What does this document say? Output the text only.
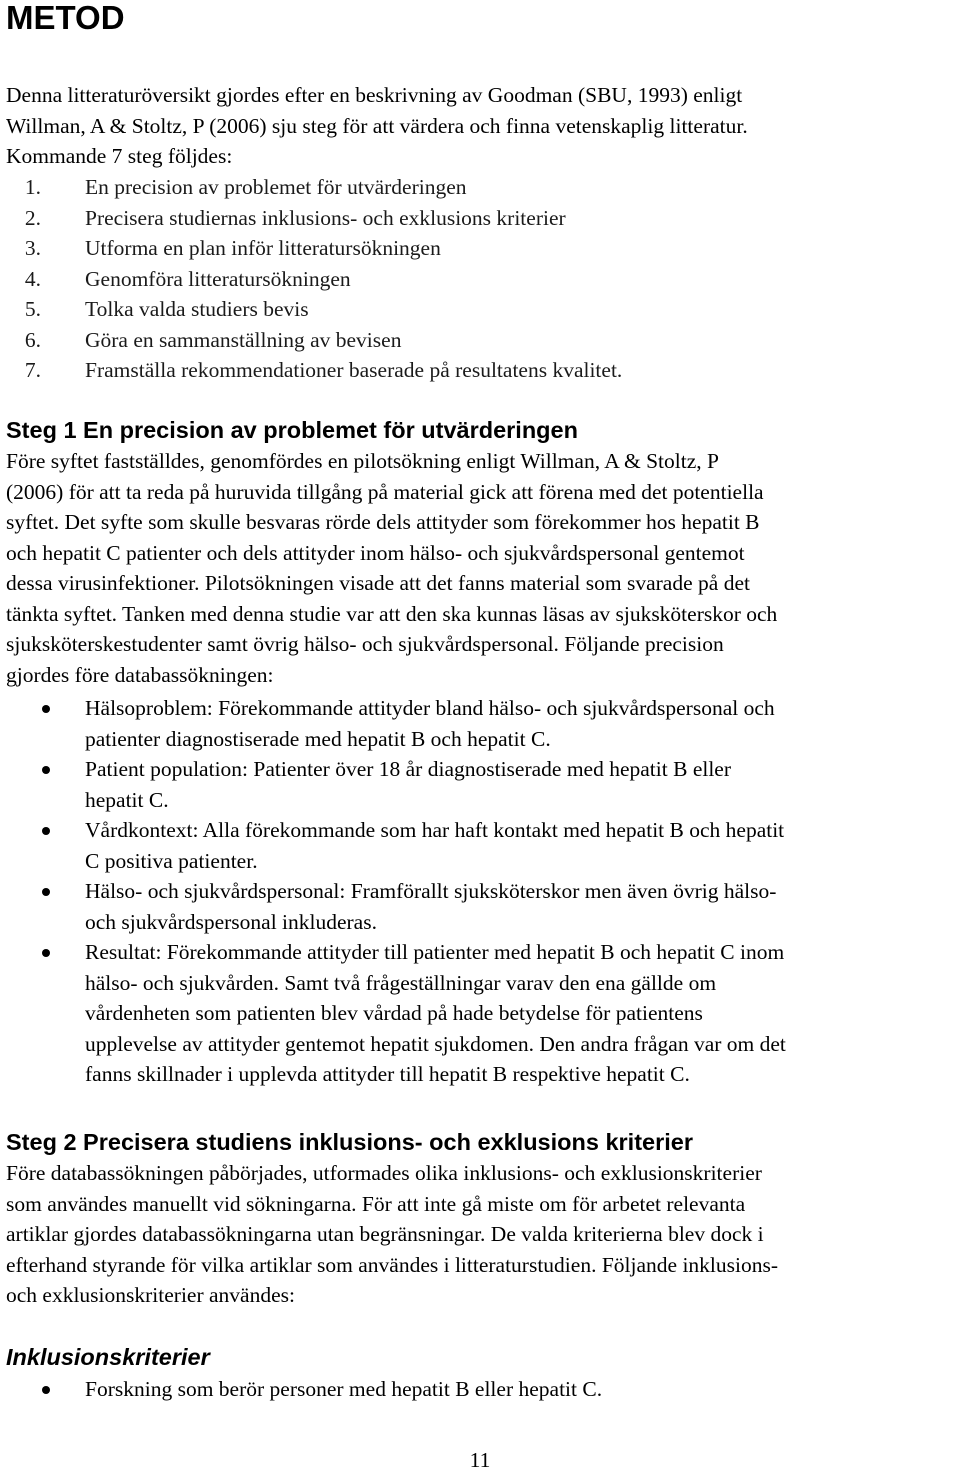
METOD

Denna litteraturöversikt gjordes efter en beskrivning av Goodman (SBU, 1993) enligt
Willman, A & Stoltz, P (2006) sju steg för att värdera och finna vetenskaplig litteratur.
Kommande 7 steg följdes:

1. En precision av problemet för utvärderingen
2. Precisera studiernas inklusions- och exklusions kriterier
3. Utforma en plan inför litteratursökningen
4. Genomföra litteratursökningen
5. Tolka valda studiers bevis
6. Göra en sammanställning av bevisen
7. Framställa rekommendationer baserade på resultatens kvalitet.
Steg 1 En precision av problemet för utvärderingen

Före syftet fastställdes, genomfördes en pilotsökning enligt Willman, A & Stoltz, P
(2006) för att ta reda på huruvida tillgång på material gick att förena med det potentiella
syftet. Det syfte som skulle besvaras rörde dels attityder som förekommer hos hepatit B
och hepatit C patienter och dels attityder inom hälso- och sjukvårdspersonal gentemot
dessa virusinfektioner. Pilotsökningen visade att det fanns material som svarade på det
tänkta syftet. Tanken med denna studie var att den ska kunnas läsas av sjuksköterskor och
sjuksköterskestudenter samt övrig hälso- och sjukvårdspersonal. Följande precision
gjordes före databassökningen:

Hälsoproblem: Förekommande attityder bland hälso- och sjukvårdspersonal och
patienter diagnostiserade med hepatit B och hepatit C.
Patient population: Patienter över 18 år diagnostiserade med hepatit B eller
hepatit C.
Vårdkontext: Alla förekommande som har haft kontakt med hepatit B och hepatit
C positiva patienter.
Hälso- och sjukvårdspersonal: Framförallt sjuksköterskor men även övrig hälso-
och sjukvårdspersonal inkluderas.
Resultat: Förekommande attityder till patienter med hepatit B och hepatit C inom
hälso- och sjukvården. Samt två frågeställningar varav den ena gällde om
vårdenheten som patienten blev vårdad på hade betydelse för patientens
upplevelse av attityder gentemot hepatit sjukdomen. Den andra frågan var om det
fanns skillnader i upplevda attityder till hepatit B respektive hepatit C.
Steg 2 Precisera studiens inklusions- och exklusions kriterier

Före databassökningen påbörjades, utformades olika inklusions- och exklusionskriterier
som användes manuellt vid sökningarna. För att inte gå miste om för arbetet relevanta
artiklar gjordes databassökningarna utan begränsningar. De valda kriterierna blev dock i
efterhand styrande för vilka artiklar som användes i litteraturstudien. Följande inklusions-
och exklusionskriterier användes:

Inklusionskriterier
Forskning som berör personer med hepatit B eller hepatit C.
11
